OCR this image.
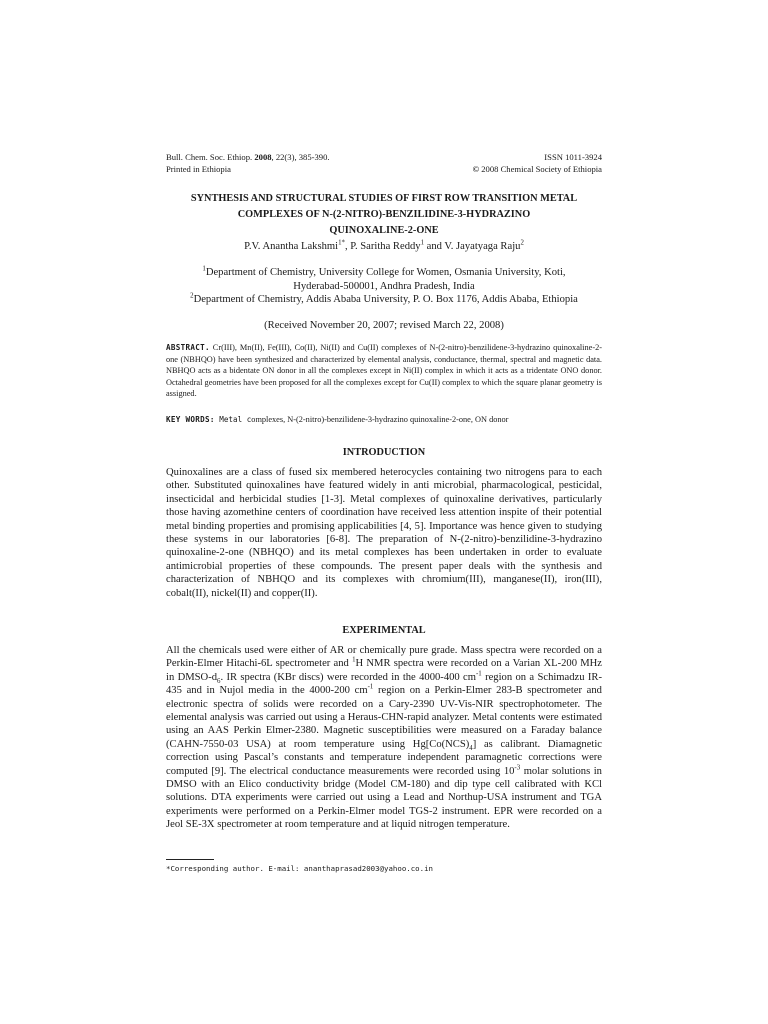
Bull. Chem. Soc. Ethiop. 2008, 22(3), 385-390.	ISSN 1011-3924
Printed in Ethiopia	© 2008 Chemical Society of Ethiopia
SYNTHESIS AND STRUCTURAL STUDIES OF FIRST ROW TRANSITION METAL
COMPLEXES OF N-(2-NITRO)-BENZILIDINE-3-HYDRAZINO
QUINOXALINE-2-ONE
P.V. Anantha Lakshmi$^{1*}$, P. Saritha Reddy$^1$ and V. Jayatyaga Raju$^2$
$^1$Department of Chemistry, University College for Women, Osmania University, Koti,
Hyderabad-500001, Andhra Pradesh, India
$^2$Department of Chemistry, Addis Ababa University, P. O. Box 1176, Addis Ababa, Ethiopia
(Received November 20, 2007; revised March 22, 2008)
ABSTRACT. Cr(III), Mn(II), Fe(III), Co(II), Ni(II) and Cu(II) complexes of N-(2-nitro)-benzilidene-3-hydrazino quinoxaline-2-one (NBHQO) have been synthesized and characterized by elemental analysis, conductance, thermal, spectral and magnetic data. NBHQO acts as a bidentate ON donor in all the complexes except in Ni(II) complex in which it acts as a tridentate ONO donor. Octahedral geometries have been proposed for all the complexes except for Cu(II) complex to which the square planar geometry is assigned.
KEY WORDS: Metal complexes, N-(2-nitro)-benzilidene-3-hydrazino quinoxaline-2-one, ON donor
INTRODUCTION
Quinoxalines are a class of fused six membered heterocycles containing two nitrogens para to each other. Substituted quinoxalines have featured widely in anti microbial, pharmacological, pesticidal, insecticidal and herbicidal studies [1-3]. Metal complexes of quinoxaline derivatives, particularly those having azomethine centers of coordination have received less attention inspite of their potential metal binding properties and promising applicabilities [4, 5]. Importance was hence given to studying these systems in our laboratories [6-8]. The preparation of N-(2-nitro)-benzilidine-3-hydrazino quinoxaline-2-one (NBHQO) and its metal complexes has been undertaken in order to evaluate antimicrobial properties of these compounds. The present paper deals with the synthesis and characterization of NBHQO and its complexes with chromium(III), manganese(II), iron(III), cobalt(II), nickel(II) and copper(II).
EXPERIMENTAL
All the chemicals used were either of AR or chemically pure grade. Mass spectra were recorded on a Perkin-Elmer Hitachi-6L spectrometer and $^1$H NMR spectra were recorded on a Varian XL-200 MHz in DMSO-$d_6$. IR spectra (KBr discs) were recorded in the 4000-400 $cm^{-1}$ region on a Schimadzu IR-435 and in Nujol media in the 4000-200 $cm^{-1}$ region on a Perkin-Elmer 283-B spectrometer and electronic spectra of solids were recorded on a Cary-2390 UV-Vis-NIR spectrophotometer. The elemental analysis was carried out using a Heraus-CHN-rapid analyzer. Metal contents were estimated using an AAS Perkin Elmer-2380. Magnetic susceptibilities were measured on a Faraday balance (CAHN-7550-03 USA) at room temperature using $Hg[Co(NCS)_4]$ as calibrant. Diamagnetic correction using Pascal’s constants and temperature independent paramagnetic corrections were computed [9]. The electrical conductance measurements were recorded using $10^{-3}$ molar solutions in DMSO with an Elico conductivity bridge (Model CM-180) and dip type cell calibrated with KCl solutions. DTA experiments were carried out using a Lead and Northup-USA instrument and TGA experiments were performed on a Perkin-Elmer model TGS-2 instrument. EPR were recorded on a Jeol SE-3X spectrometer at room temperature and at liquid nitrogen temperature.
*Corresponding author. E-mail: ananthaprasad2003@yahoo.co.in
